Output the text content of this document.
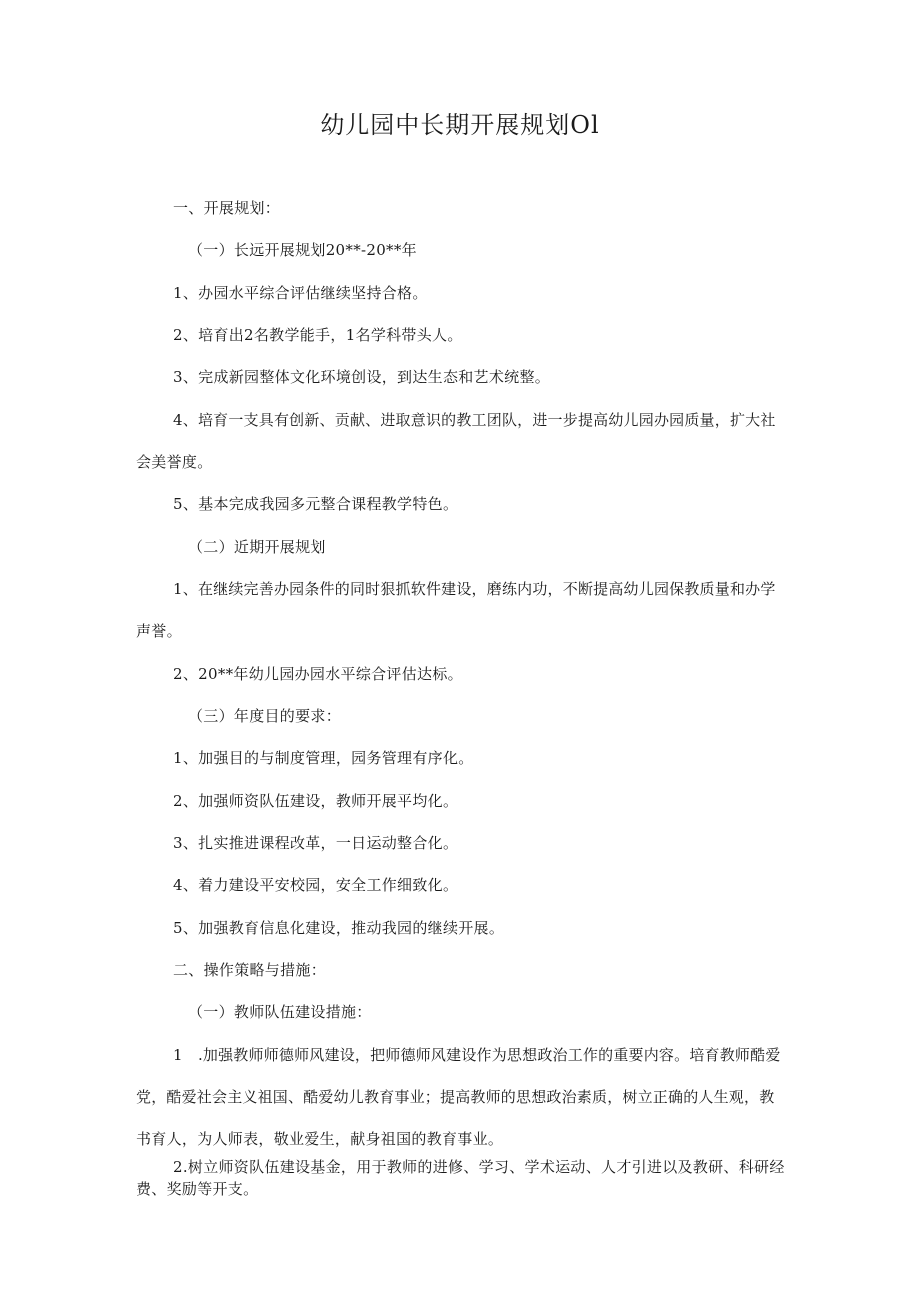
幼儿园中长期开展规划Ol

一、开展规划：

（一）长远开展规划20**-20**年

1、办园水平综合评估继续坚持合格。

2、培育出2名教学能手，1名学科带头人。

3、完成新园整体文化环境创设，到达生态和艺术统整。

4、培育一支具有创新、贡献、进取意识的教工团队，进一步提高幼儿园办园质量，扩大社

会美誉度。

5、基本完成我园多元整合课程教学特色。

（二）近期开展规划

1、在继续完善办园条件的同时狠抓软件建设，磨练内功，不断提高幼儿园保教质量和办学

声誉。

2、20**年幼儿园办园水平综合评估达标。

（三）年度目的要求：

1、加强目的与制度管理，园务管理有序化。

2、加强师资队伍建设，教师开展平均化。

3、扎实推进课程改革，一日运动整合化。

4、着力建设平安校园，安全工作细致化。

5、加强教育信息化建设，推动我园的继续开展。

二、操作策略与措施：

（一）教师队伍建设措施：

1　.加强教师师德师风建设，把师德师风建设作为思想政治工作的重要内容。培育教师酷爱

党，酷爱社会主义祖国、酷爱幼儿教育事业；提高教师的思想政治素质，树立正确的人生观，教

书育人，为人师表，敬业爱生，献身祖国的教育事业。

2.树立师资队伍建设基金，用于教师的进修、学习、学术运动、人才引进以及教研、科研经费、奖励等开支。
